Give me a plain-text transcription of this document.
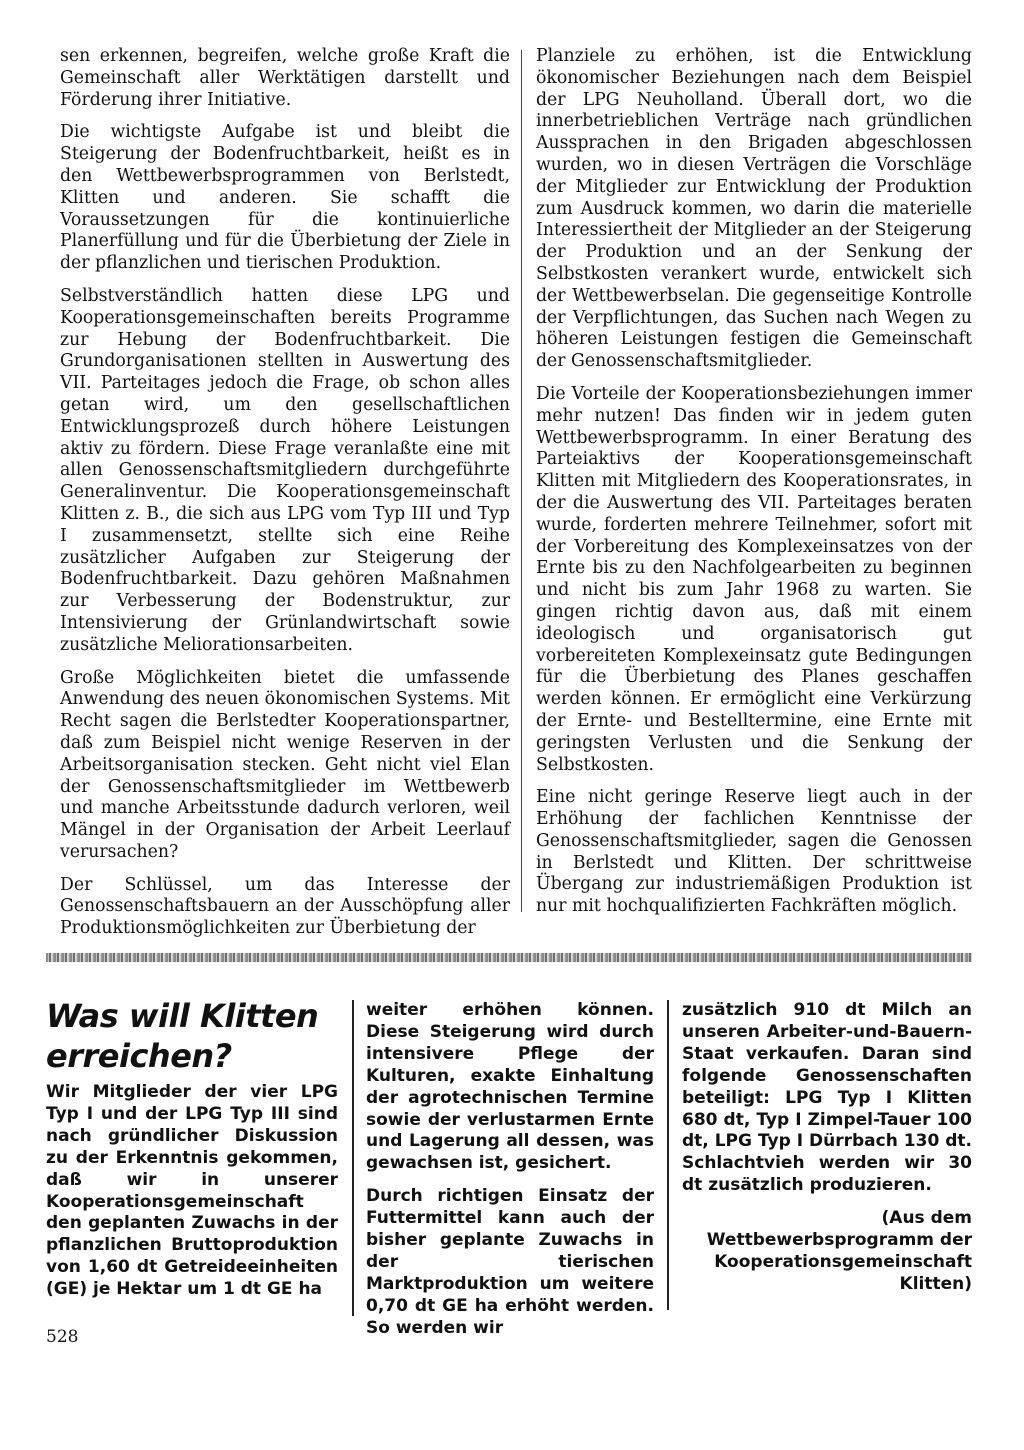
sen erkennen, begreifen, welche große Kraft die Gemeinschaft aller Werktätigen darstellt und Förderung ihrer Initiative.

Die wichtigste Aufgabe ist und bleibt die Steigerung der Bodenfruchtbarkeit, heißt es in den Wettbewerbsprogrammen von Berlstedt, Klitten und anderen. Sie schafft die Voraussetzungen für die kontinuierliche Planerfüllung und für die Überbietung der Ziele in der pflanzlichen und tierischen Produktion.

Selbstverständlich hatten diese LPG und Kooperationsgemeinschaften bereits Programme zur Hebung der Bodenfruchtbarkeit. Die Grundorganisationen stellten in Auswertung des VII. Parteitages jedoch die Frage, ob schon alles getan wird, um den gesellschaftlichen Entwicklungsprozeß durch höhere Leistungen aktiv zu fördern. Diese Frage veranlaßte eine mit allen Genossenschaftsmitgliedern durchgeführte Generalinventur. Die Kooperationsgemeinschaft Klitten z. B., die sich aus LPG vom Typ III und Typ I zusammensetzt, stellte sich eine Reihe zusätzlicher Aufgaben zur Steigerung der Bodenfruchtbarkeit. Dazu gehören Maßnahmen zur Verbesserung der Bodenstruktur, zur Intensivierung der Grünlandwirtschaft sowie zusätzliche Meliorationsarbeiten.

Große Möglichkeiten bietet die umfassende Anwendung des neuen ökonomischen Systems. Mit Recht sagen die Berlstedter Kooperationspartner, daß zum Beispiel nicht wenige Reserven in der Arbeitsorganisation stecken. Geht nicht viel Elan der Genossenschaftsmitglieder im Wettbewerb und manche Arbeitsstunde dadurch verloren, weil Mängel in der Organisation der Arbeit Leerlauf verursachen?

Der Schlüssel, um das Interesse der Genossenschaftsbauern an der Ausschöpfung aller Produktionsmöglichkeiten zur Überbietung der

Planziele zu erhöhen, ist die Entwicklung ökonomischer Beziehungen nach dem Beispiel der LPG Neuholland. Überall dort, wo die innerbetrieblichen Verträge nach gründlichen Aussprachen in den Brigaden abgeschlossen wurden, wo in diesen Verträgen die Vorschläge der Mitglieder zur Entwicklung der Produktion zum Ausdruck kommen, wo darin die materielle Interessiertheit der Mitglieder an der Steigerung der Produktion und an der Senkung der Selbstkosten verankert wurde, entwickelt sich der Wettbewerbselan. Die gegenseitige Kontrolle der Verpflichtungen, das Suchen nach Wegen zu höheren Leistungen festigen die Gemeinschaft der Genossenschaftsmitglieder.

Die Vorteile der Kooperationsbeziehungen immer mehr nutzen! Das finden wir in jedem guten Wettbewerbsprogramm. In einer Beratung des Parteiaktivs der Kooperationsgemeinschaft Klitten mit Mitgliedern des Kooperationsrates, in der die Auswertung des VII. Parteitages beraten wurde, forderten mehrere Teilnehmer, sofort mit der Vorbereitung des Komplexeinsatzes von der Ernte bis zu den Nachfolgearbeiten zu beginnen und nicht bis zum Jahr 1968 zu warten. Sie gingen richtig davon aus, daß mit einem ideologisch und organisatorisch gut vorbereiteten Komplexeinsatz gute Bedingungen für die Überbietung des Planes geschaffen werden können. Er ermöglicht eine Verkürzung der Ernte- und Bestelltermine, eine Ernte mit geringsten Verlusten und die Senkung der Selbstkosten.

Eine nicht geringe Reserve liegt auch in der Erhöhung der fachlichen Kenntnisse der Genossenschaftsmitglieder, sagen die Genossen in Berlstedt und Klitten. Der schrittweise Übergang zur industriemäßigen Produktion ist nur mit hochqualifizierten Fachkräften möglich.

Was will Klitten erreichen?

Wir Mitglieder der vier LPG Typ I und der LPG Typ III sind nach gründlicher Diskussion zu der Erkenntnis gekommen, daß wir in unserer Kooperationsgemeinschaft den geplanten Zuwachs in der pflanzlichen Bruttoproduktion von 1,60 dt Getreideeinheiten (GE) je Hektar um 1 dt GE ha

weiter erhöhen können. Diese Steigerung wird durch intensivere Pflege der Kulturen, exakte Einhaltung der agrotechnischen Termine sowie der verlustarmen Ernte und Lagerung all dessen, was gewachsen ist, gesichert.

Durch richtigen Einsatz der Futtermittel kann auch der bisher geplante Zuwachs in der tierischen Marktproduktion um weitere 0,70 dt GE ha erhöht werden. So werden wir

zusätzlich 910 dt Milch an unseren Arbeiter-und-Bauern-Staat verkaufen. Daran sind folgende Genossenschaften beteiligt: LPG Typ I Klitten 680 dt, Typ I Zimpel-Tauer 100 dt, LPG Typ I Dürrbach 130 dt. Schlachtvieh werden wir 30 dt zusätzlich produzieren.

(Aus dem Wettbewerbsprogramm der Kooperationsgemeinschaft Klitten)

528
